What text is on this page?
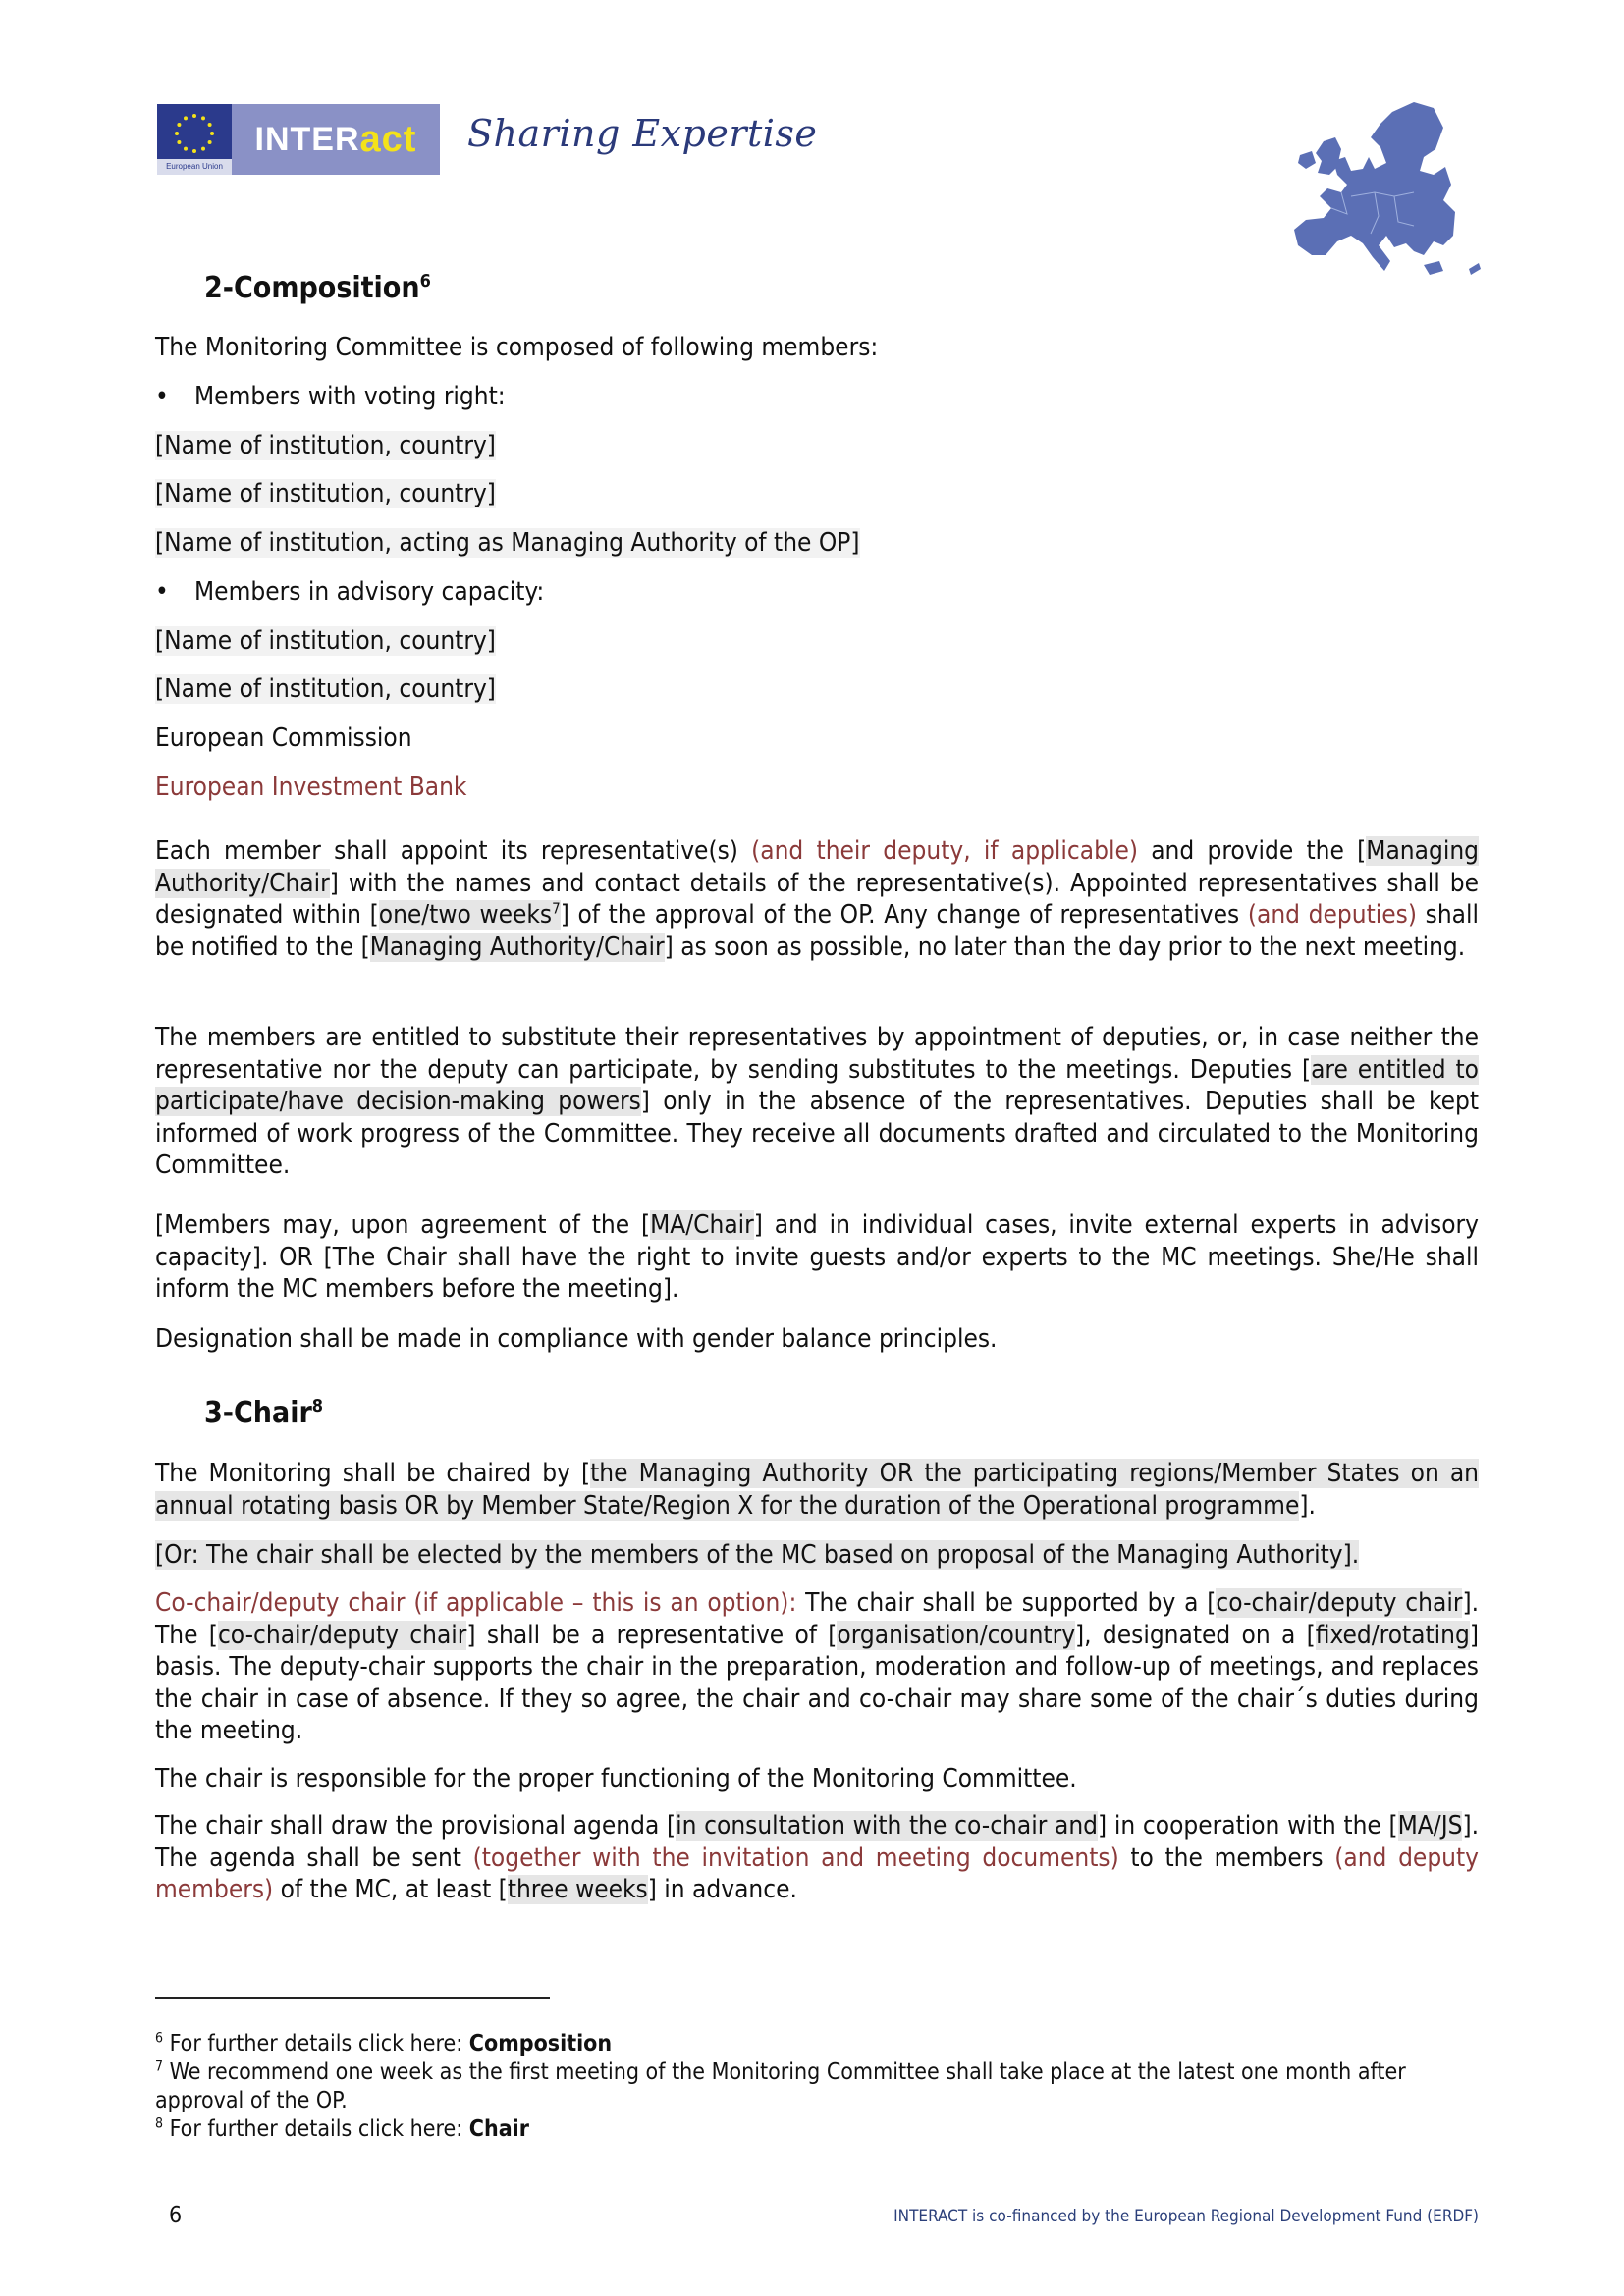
European Union
INTER act Sharing Expertise
2-Composition$^6$
The Monitoring Committee is composed of following members:
• Members with voting right:
[Name of institution, country]
[Name of institution, country]
[Name of institution, acting as Managing Authority of the OP]
• Members in advisory capacity:
[Name of institution, country]
[Name of institution, country]
European Commission
European Investment Bank
Each member shall appoint its representative(s) (and their deputy, if applicable) and provide the [Managing Authority/Chair] with the names and contact details of the representative(s). Appointed representatives shall be designated within [one/two weeks$^7$] of the approval of the OP. Any change of representatives (and deputies) shall be notified to the [Managing Authority/Chair] as soon as possible, no later than the day prior to the next meeting.
The members are entitled to substitute their representatives by appointment of deputies, or, in case neither the representative nor the deputy can participate, by sending substitutes to the meetings. Deputies [are entitled to participate/have decision-making powers] only in the absence of the representatives. Deputies shall be kept informed of work progress of the Committee. They receive all documents drafted and circulated to the Monitoring Committee.
[Members may, upon agreement of the [MA/Chair] and in individual cases, invite external experts in advisory capacity]. OR [The Chair shall have the right to invite guests and/or experts to the MC meetings. She/He shall inform the MC members before the meeting].
Designation shall be made in compliance with gender balance principles.
3-Chair$^8$
The Monitoring shall be chaired by [the Managing Authority OR the participating regions/Member States on an annual rotating basis OR by Member State/Region X for the duration of the Operational programme].
[Or: The chair shall be elected by the members of the MC based on proposal of the Managing Authority].
Co-chair/deputy chair (if applicable – this is an option): The chair shall be supported by a [co-chair/deputy chair]. The [co-chair/deputy chair] shall be a representative of [organisation/country], designated on a [fixed/rotating] basis. The deputy-chair supports the chair in the preparation, moderation and follow-up of meetings, and replaces the chair in case of absence. If they so agree, the chair and co-chair may share some of the chair´s duties during the meeting.
The chair is responsible for the proper functioning of the Monitoring Committee.
The chair shall draw the provisional agenda [in consultation with the co-chair and] in cooperation with the [MA/JS]. The agenda shall be sent (together with the invitation and meeting documents) to the members (and deputy members) of the MC, at least [three weeks] in advance.
$^6$ For further details click here: Composition
$^7$ We recommend one week as the first meeting of the Monitoring Committee shall take place at the latest one month after approval of the OP.
$^8$ For further details click here: Chair
6	INTERACT is co-financed by the European Regional Development Fund (ERDF)
